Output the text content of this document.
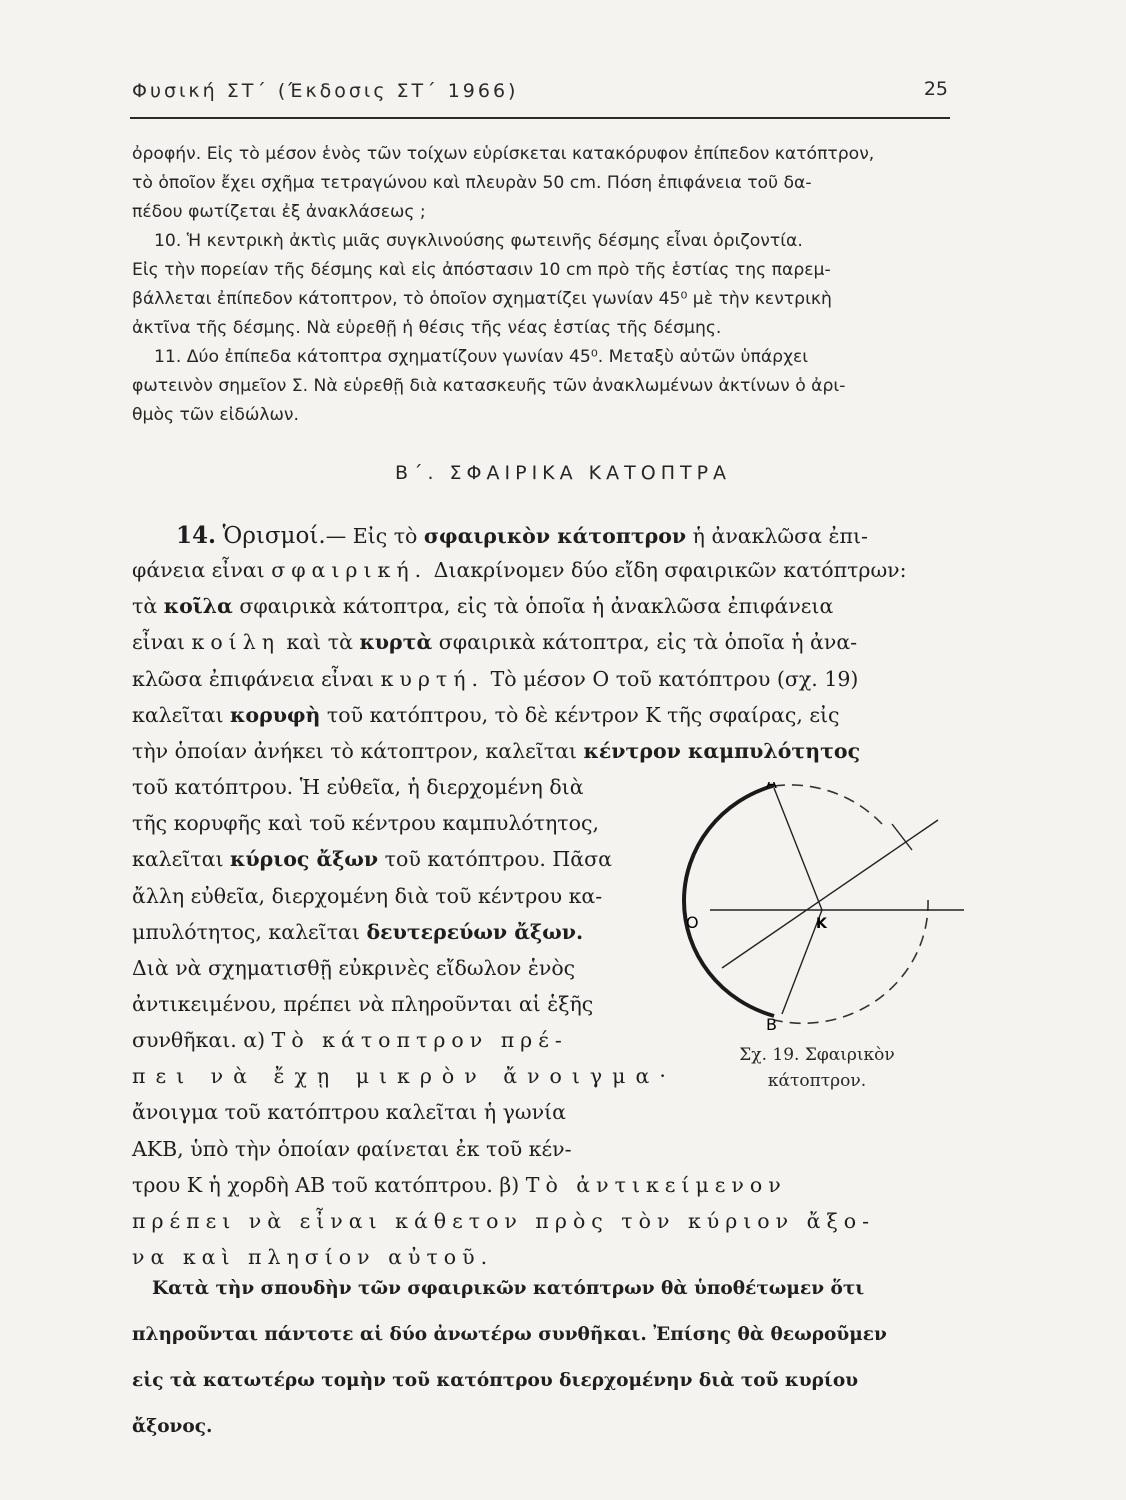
Φυσική ΣΤ΄ (Έκδοσις ΣΤ΄ 1966)	25
ὀροφήν. Εἰς τὸ μέσον ἑνὸς τῶν τοίχων εὑρίσκεται κατακόρυφον ἐπίπεδον κατόπτρον,
τὸ ὁποῖον ἔχει σχῆμα τετραγώνου καὶ πλευρὰν 50 cm. Πόση ἐπιφάνεια τοῦ δα-
πέδου φωτίζεται ἐξ ἀνακλάσεως ;
10. Ἡ κεντρικὴ ἀκτὶς μιᾶς συγκλινούσης φωτεινῆς δέσμης εἶναι ὁριζοντία.
Εἰς τὴν πορείαν τῆς δέσμης καὶ εἰς ἀπόστασιν 10 cm πρὸ τῆς ἑστίας της παρεμ-
βάλλεται ἐπίπεδον κάτοπτρον, τὸ ὁποῖον σχηματίζει γωνίαν 45⁰ μὲ τὴν κεντρικὴ
ἀκτῖνα τῆς δέσμης. Νὰ εὑρεθῇ ἡ θέσις τῆς νέας ἑστίας τῆς δέσμης.
11. Δύο ἐπίπεδα κάτοπτρα σχηματίζουν γωνίαν 45⁰. Μεταξὺ αὐτῶν ὑπάρχει
φωτεινὸν σημεῖον Σ. Νὰ εὑρεθῇ διὰ κατασκευῆς τῶν ἀνακλωμένων ἀκτίνων ὁ ἀρι-
θμὸς τῶν εἰδώλων.
Β΄. ΣΦΑΙΡΙΚΑ ΚΑΤΟΠΤΡΑ
14. Ὁρισμοί.— Εἰς τὸ σφαιρικὸν κάτοπτρον ἡ ἀνακλῶσα ἐπι-
φάνεια εἶναι σφαιρική. Διακρίνομεν δύο εἴδη σφαιρικῶν κατόπτρων:
τὰ κοῖλα σφαιρικὰ κάτοπτρα, εἰς τὰ ὁποῖα ἡ ἀνακλῶσα ἐπιφάνεια
εἶναι κοίλη καὶ τὰ κυρτὰ σφαιρικὰ κάτοπτρα, εἰς τὰ ὁποῖα ἡ ἀνα-
κλῶσα ἐπιφάνεια εἶναι κυρτή. Τὸ μέσον Ο τοῦ κατόπτρου (σχ. 19)
καλεῖται κορυφὴ τοῦ κατόπτρου, τὸ δὲ κέντρον Κ τῆς σφαίρας, εἰς
τὴν ὁποίαν ἀνήκει τὸ κάτοπτρον, καλεῖται κέντρον καμπυλότητος
τοῦ κατόπτρου. Ἡ εὐθεῖα, ἡ διερχομένη διὰ
τῆς κορυφῆς καὶ τοῦ κέντρου καμπυλότητος,
καλεῖται κύριος ἄξων τοῦ κατόπτρου. Πᾶσα
ἄλλη εὐθεῖα, διερχομένη διὰ τοῦ κέντρου κα-
μπυλότητος, καλεῖται δευτερεύων ἄξων.
Διὰ νὰ σχηματισθῇ εὐκρινὲς εἴδωλον ἑνὸς
ἀντικειμένου, πρέπει νὰ πληροῦνται αἱ ἑξῆς
συνθῆκαι. α) Τὸ κάτοπτρον πρέ-
πει νὰ ἔχῃ μικρὸν ἄνοιγμα·
ἄνοιγμα τοῦ κατόπτρου καλεῖται ἡ γωνία
ΑΚΒ, ὑπὸ τὴν ὁποίαν φαίνεται ἐκ τοῦ κέν-
τρου Κ ἡ χορδὴ ΑΒ τοῦ κατόπτρου. β) Τὸ ἀντικείμενον
πρέπει νὰ εἶναι κάθετον πρὸς τὸν κύριον ἄξο-
να καὶ πλησίον αὐτοῦ.
Α
Β
Ο	Κ
Σχ. 19. Σφαιρικὸν
κάτοπτρον.
Κατὰ τὴν σπουδὴν τῶν σφαιρικῶν κατόπτρων θὰ ὑποθέτωμεν ὅτι
πληροῦνται πάντοτε αἱ δύο ἀνωτέρω συνθῆκαι. Ἐπίσης θὰ θεωροῦμεν
εἰς τὰ κατωτέρω τομὴν τοῦ κατόπτρου διερχομένην διὰ τοῦ κυρίου
ἄξονος.
